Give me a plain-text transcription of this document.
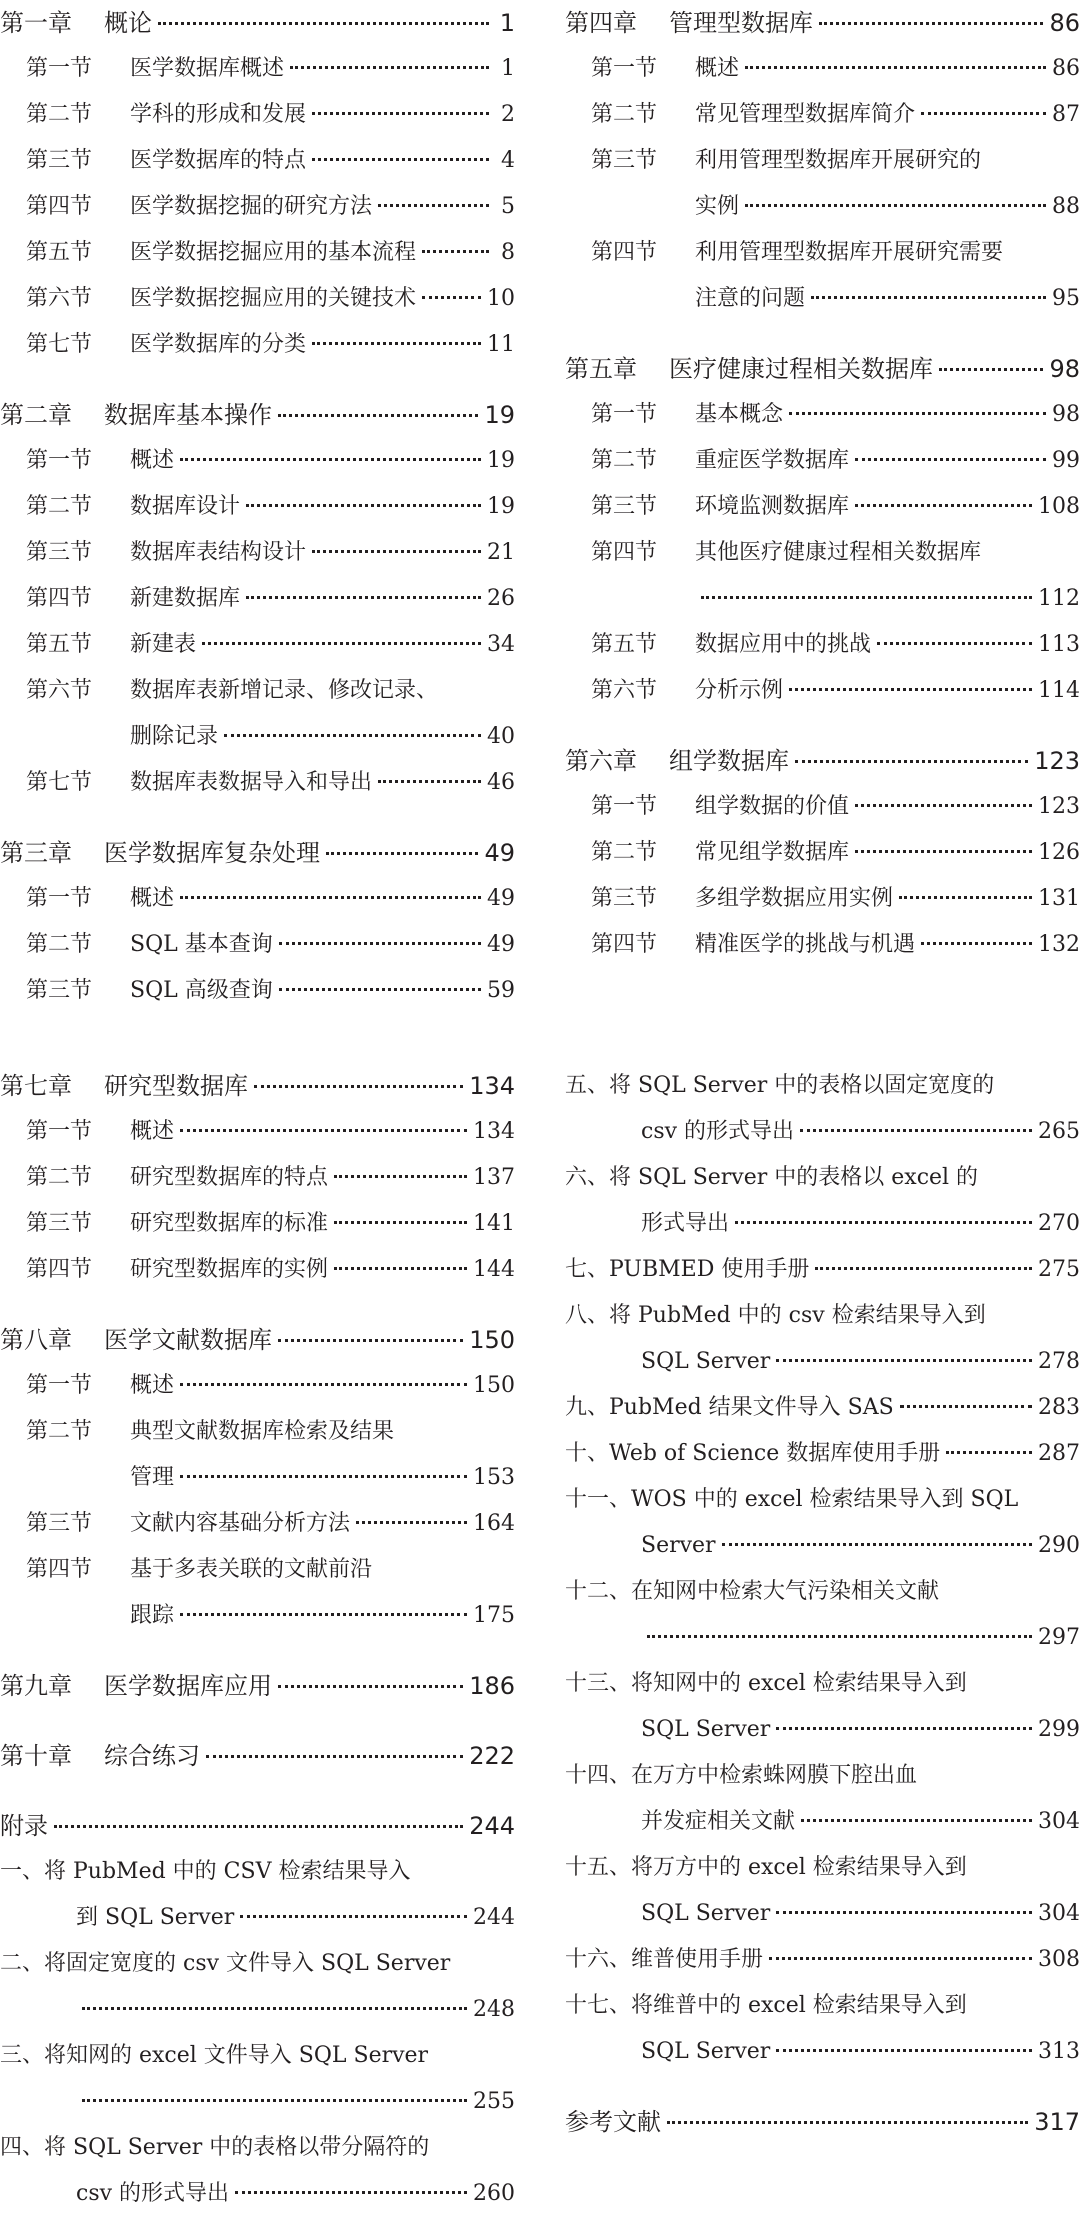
第一章	概论	1
第一节	医学数据库概述	1
第二节	学科的形成和发展	2
第三节	医学数据库的特点	4
第四节	医学数据挖掘的研究方法	5
第五节	医学数据挖掘应用的基本流程	8
第六节	医学数据挖掘应用的关键技术	10
第七节	医学数据库的分类	11
第二章	数据库基本操作	19
第一节	概述	19
第二节	数据库设计	19
第三节	数据库表结构设计	21
第四节	新建数据库	26
第五节	新建表	34
第六节	数据库表新增记录、修改记录、
删除记录	40
第七节	数据库表数据导入和导出	46
第三章	医学数据库复杂处理	49
第一节	概述	49
第二节	SQL 基本查询	49
第三节	SQL 高级查询	59
第四章	管理型数据库	86
第一节	概述	86
第二节	常见管理型数据库简介	87
第三节	利用管理型数据库开展研究的
实例	88
第四节	利用管理型数据库开展研究需要
注意的问题	95
第五章	医疗健康过程相关数据库	98
第一节	基本概念	98
第二节	重症医学数据库	99
第三节	环境监测数据库	108
第四节	其他医疗健康过程相关数据库
112
第五节	数据应用中的挑战	113
第六节	分析示例	114
第六章	组学数据库	123
第一节	组学数据的价值	123
第二节	常见组学数据库	126
第三节	多组学数据应用实例	131
第四节	精准医学的挑战与机遇	132
第七章	研究型数据库	134
第一节	概述	134
第二节	研究型数据库的特点	137
第三节	研究型数据库的标准	141
第四节	研究型数据库的实例	144
第八章	医学文献数据库	150
第一节	概述	150
第二节	典型文献数据库检索及结果
管理	153
第三节	文献内容基础分析方法	164
第四节	基于多表关联的文献前沿
跟踪	175
第九章	医学数据库应用	186
第十章	综合练习	222
附录	244
一、将 PubMed 中的 CSV 检索结果导入
到 SQL Server	244
二、将固定宽度的 csv 文件导入 SQL Server
248
三、将知网的 excel 文件导入 SQL Server
255
四、将 SQL Server 中的表格以带分隔符的
csv 的形式导出	260
五、将 SQL Server 中的表格以固定宽度的
csv 的形式导出	265
六、将 SQL Server 中的表格以 excel 的
形式导出	270
七、PUBMED 使用手册	275
八、将 PubMed 中的 csv 检索结果导入到
SQL Server	278
九、PubMed 结果文件导入 SAS	283
十、Web of Science 数据库使用手册	287
十一、WOS 中的 excel 检索结果导入到 SQL
Server	290
十二、在知网中检索大气污染相关文献
297
十三、将知网中的 excel 检索结果导入到
SQL Server	299
十四、在万方中检索蛛网膜下腔出血
并发症相关文献	304
十五、将万方中的 excel 检索结果导入到
SQL Server	304
十六、维普使用手册	308
十七、将维普中的 excel 检索结果导入到
SQL Server	313
参考文献	317
